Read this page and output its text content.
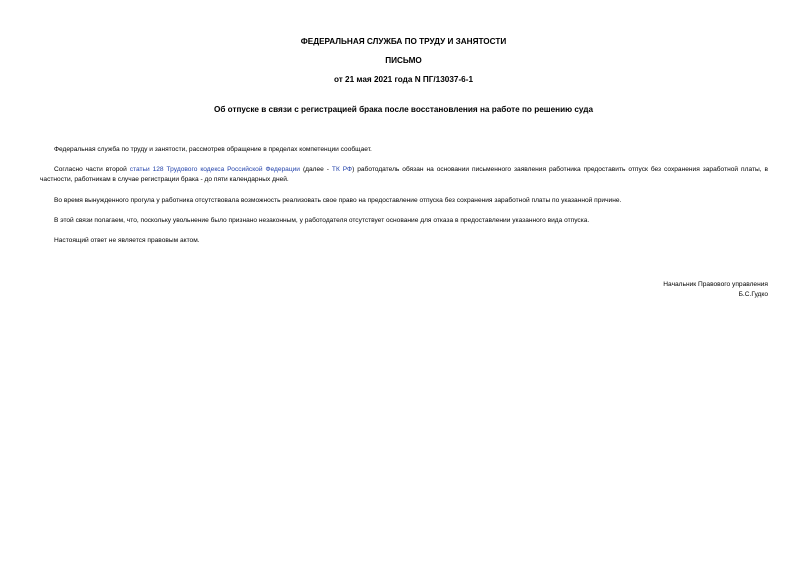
ФЕДЕРАЛЬНАЯ СЛУЖБА ПО ТРУДУ И ЗАНЯТОСТИ
ПИСЬМО
от 21 мая 2021 года N ПГ/13037-6-1
Об отпуске в связи с регистрацией брака после восстановления на работе по решению суда

Федеральная служба по труду и занятости, рассмотрев обращение в пределах компетенции сообщает.

Согласно части второй статьи 128 Трудового кодекса Российской Федерации (далее - ТК РФ) работодатель обязан на основании письменного заявления работника предоставить отпуск без сохранения заработной платы, в частности, работникам в случае регистрации брака - до пяти календарных дней.

Во время вынужденного прогула у работника отсутствовала возможность реализовать свое право на предоставление отпуска без сохранения заработной платы по указанной причине.

В этой связи полагаем, что, поскольку увольнение было признано незаконным, у работодателя отсутствует основание для отказа в предоставлении указанного вида отпуска.

Настоящий ответ не является правовым актом.

Начальник Правового управления
Б.С.Гудко
